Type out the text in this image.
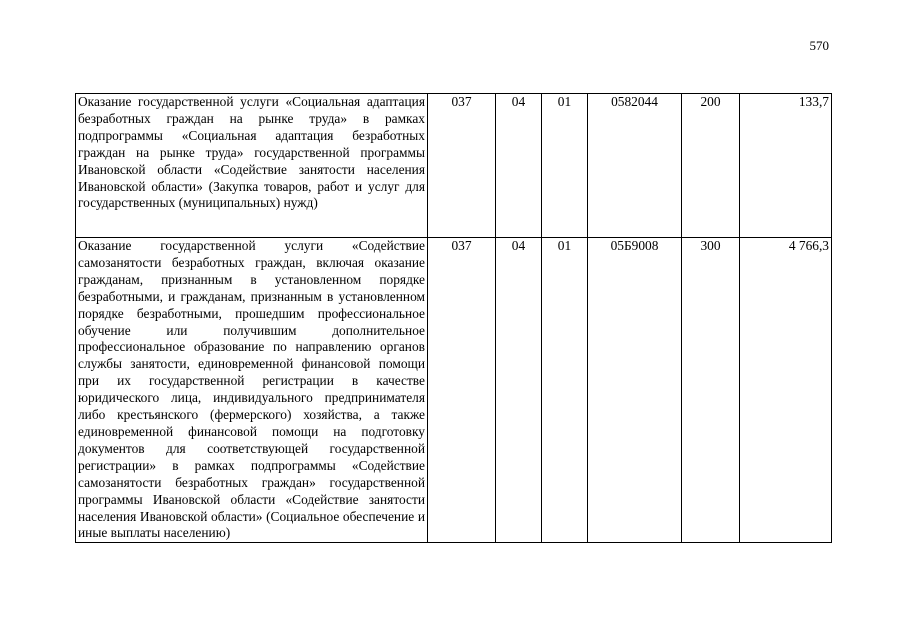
570
Оказание государственной услуги «Социальная адаптация безработных граждан на рынке труда» в рамках подпрограммы «Социальная адаптация безработных граждан на рынке труда» государственной программы Ивановской области «Содействие занятости населения Ивановской области» (Закупка товаров, работ и услуг для государственных (муниципальных) нужд)	037	04	01	0582044	200	133,7
Оказание государственной услуги «Содействие самозанятости безработных граждан, включая оказание гражданам, признанным в установленном порядке безработными, и гражданам, признанным в установленном порядке безработными, прошедшим профессиональное обучение или получившим дополнительное профессиональное образование по направлению органов службы занятости, единовременной финансовой помощи при их государственной регистрации в качестве юридического лица, индивидуального предпринимателя либо крестьянского (фермерского) хозяйства, а также единовременной финансовой помощи на подготовку документов для соответствующей государственной регистрации» в рамках подпрограммы «Содействие самозанятости безработных граждан» государственной программы Ивановской области «Содействие занятости населения Ивановской области» (Социальное обеспечение и иные выплаты населению)	037	04	01	05Б9008	300	4 766,3
